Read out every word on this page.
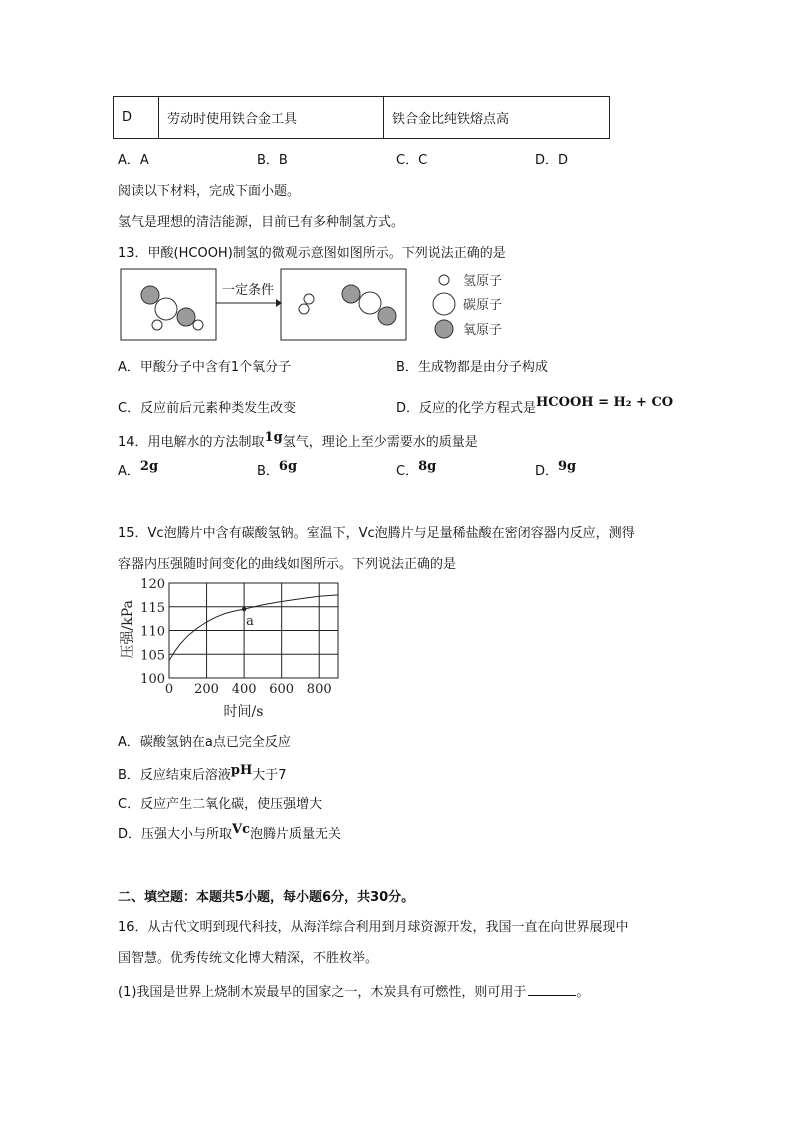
D	劳动时使用铁合金工具	铁合金比纯铁熔点高
A．A	B．B	C．C	D．D
阅读以下材料，完成下面小题。
氢气是理想的清洁能源，目前已有多种制氢方式。
13．甲酸(HCOOH)制氢的微观示意图如图所示。下列说法正确的是
一定条件
氢原子
碳原子
氧原子
A．甲酸分子中含有1个氧分子	B．生成物都是由分子构成
C．反应前后元素种类发生改变	D．反应的化学方程式是HCOOH = H₂ + CO
14．用电解水的方法制取1g氢气，理论上至少需要水的质量是
A．2g	B．6g	C．8g	D．9g
15．Vc泡腾片中含有碳酸氢钠。室温下，Vc泡腾片与足量稀盐酸在密闭容器内反应，测得
容器内压强随时间变化的曲线如图所示。下列说法正确的是
0 200 400 600 800
100
105
110
115
120
a
压强/kPa
时间/s
A．碳酸氢钠在a点已完全反应
B．反应结束后溶液pH大于7
C．反应产生二氧化碳，使压强增大
D．压强大小与所取Vc泡腾片质量无关
二、填空题：本题共5小题，每小题6分，共30分。
16．从古代文明到现代科技，从海洋综合利用到月球资源开发，我国一直在向世界展现中
国智慧。优秀传统文化博大精深，不胜枚举。
(1)我国是世界上烧制木炭最早的国家之一，木炭具有可燃性，则可用于	。
